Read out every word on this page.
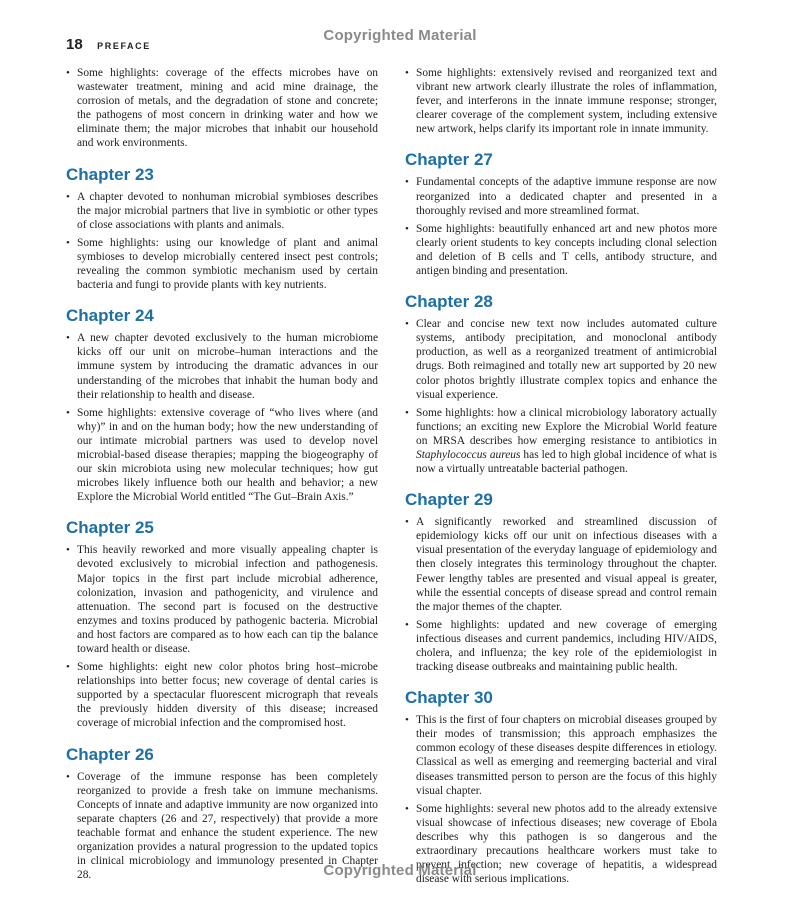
Copyrighted Material
18 PREFACE
• Some highlights: coverage of the effects microbes have on wastewater treatment, mining and acid mine drainage, the corrosion of metals, and the degradation of stone and concrete; the pathogens of most concern in drinking water and how we eliminate them; the major microbes that inhabit our household and work environments.
Chapter 23
• A chapter devoted to nonhuman microbial symbioses describes the major microbial partners that live in symbiotic or other types of close associations with plants and animals.
• Some highlights: using our knowledge of plant and animal symbioses to develop microbially centered insect pest controls; revealing the common symbiotic mechanism used by certain bacteria and fungi to provide plants with key nutrients.
Chapter 24
• A new chapter devoted exclusively to the human microbiome kicks off our unit on microbe–human interactions and the immune system by introducing the dramatic advances in our understanding of the microbes that inhabit the human body and their relationship to health and disease.
• Some highlights: extensive coverage of “who lives where (and why)” in and on the human body; how the new understanding of our intimate microbial partners was used to develop novel microbial-based disease therapies; mapping the biogeography of our skin microbiota using new molecular techniques; how gut microbes likely influence both our health and behavior; a new Explore the Microbial World entitled “The Gut–Brain Axis.”
Chapter 25
• This heavily reworked and more visually appealing chapter is devoted exclusively to microbial infection and pathogenesis. Major topics in the first part include microbial adherence, colonization, invasion and pathogenicity, and virulence and attenuation. The second part is focused on the destructive enzymes and toxins produced by pathogenic bacteria. Microbial and host factors are compared as to how each can tip the balance toward health or disease.
• Some highlights: eight new color photos bring host–microbe relationships into better focus; new coverage of dental caries is supported by a spectacular fluorescent micrograph that reveals the previously hidden diversity of this disease; increased coverage of microbial infection and the compromised host.
Chapter 26
• Coverage of the immune response has been completely reorganized to provide a fresh take on immune mechanisms. Concepts of innate and adaptive immunity are now organized into separate chapters (26 and 27, respectively) that provide a more teachable format and enhance the student experience. The new organization provides a natural progression to the updated topics in clinical microbiology and immunology presented in Chapter 28.
• Some highlights: extensively revised and reorganized text and vibrant new artwork clearly illustrate the roles of inflammation, fever, and interferons in the innate immune response; stronger, clearer coverage of the complement system, including extensive new artwork, helps clarify its important role in innate immunity.
Chapter 27
• Fundamental concepts of the adaptive immune response are now reorganized into a dedicated chapter and presented in a thoroughly revised and more streamlined format.
• Some highlights: beautifully enhanced art and new photos more clearly orient students to key concepts including clonal selection and deletion of B cells and T cells, antibody structure, and antigen binding and presentation.
Chapter 28
• Clear and concise new text now includes automated culture systems, antibody precipitation, and monoclonal antibody production, as well as a reorganized treatment of antimicrobial drugs. Both reimagined and totally new art supported by 20 new color photos brightly illustrate complex topics and enhance the visual experience.
• Some highlights: how a clinical microbiology laboratory actually functions; an exciting new Explore the Microbial World feature on MRSA describes how emerging resistance to antibiotics in Staphylococcus aureus has led to high global incidence of what is now a virtually untreatable bacterial pathogen.
Chapter 29
• A significantly reworked and streamlined discussion of epidemiology kicks off our unit on infectious diseases with a visual presentation of the everyday language of epidemiology and then closely integrates this terminology throughout the chapter. Fewer lengthy tables are presented and visual appeal is greater, while the essential concepts of disease spread and control remain the major themes of the chapter.
• Some highlights: updated and new coverage of emerging infectious diseases and current pandemics, including HIV/AIDS, cholera, and influenza; the key role of the epidemiologist in tracking disease outbreaks and maintaining public health.
Chapter 30
• This is the first of four chapters on microbial diseases grouped by their modes of transmission; this approach emphasizes the common ecology of these diseases despite differences in etiology. Classical as well as emerging and reemerging bacterial and viral diseases transmitted person to person are the focus of this highly visual chapter.
• Some highlights: several new photos add to the already extensive visual showcase of infectious diseases; new coverage of Ebola describes why this pathogen is so dangerous and the extraordinary precautions healthcare workers must take to prevent infection; new coverage of hepatitis, a widespread disease with serious implications.
Copyrighted Material
